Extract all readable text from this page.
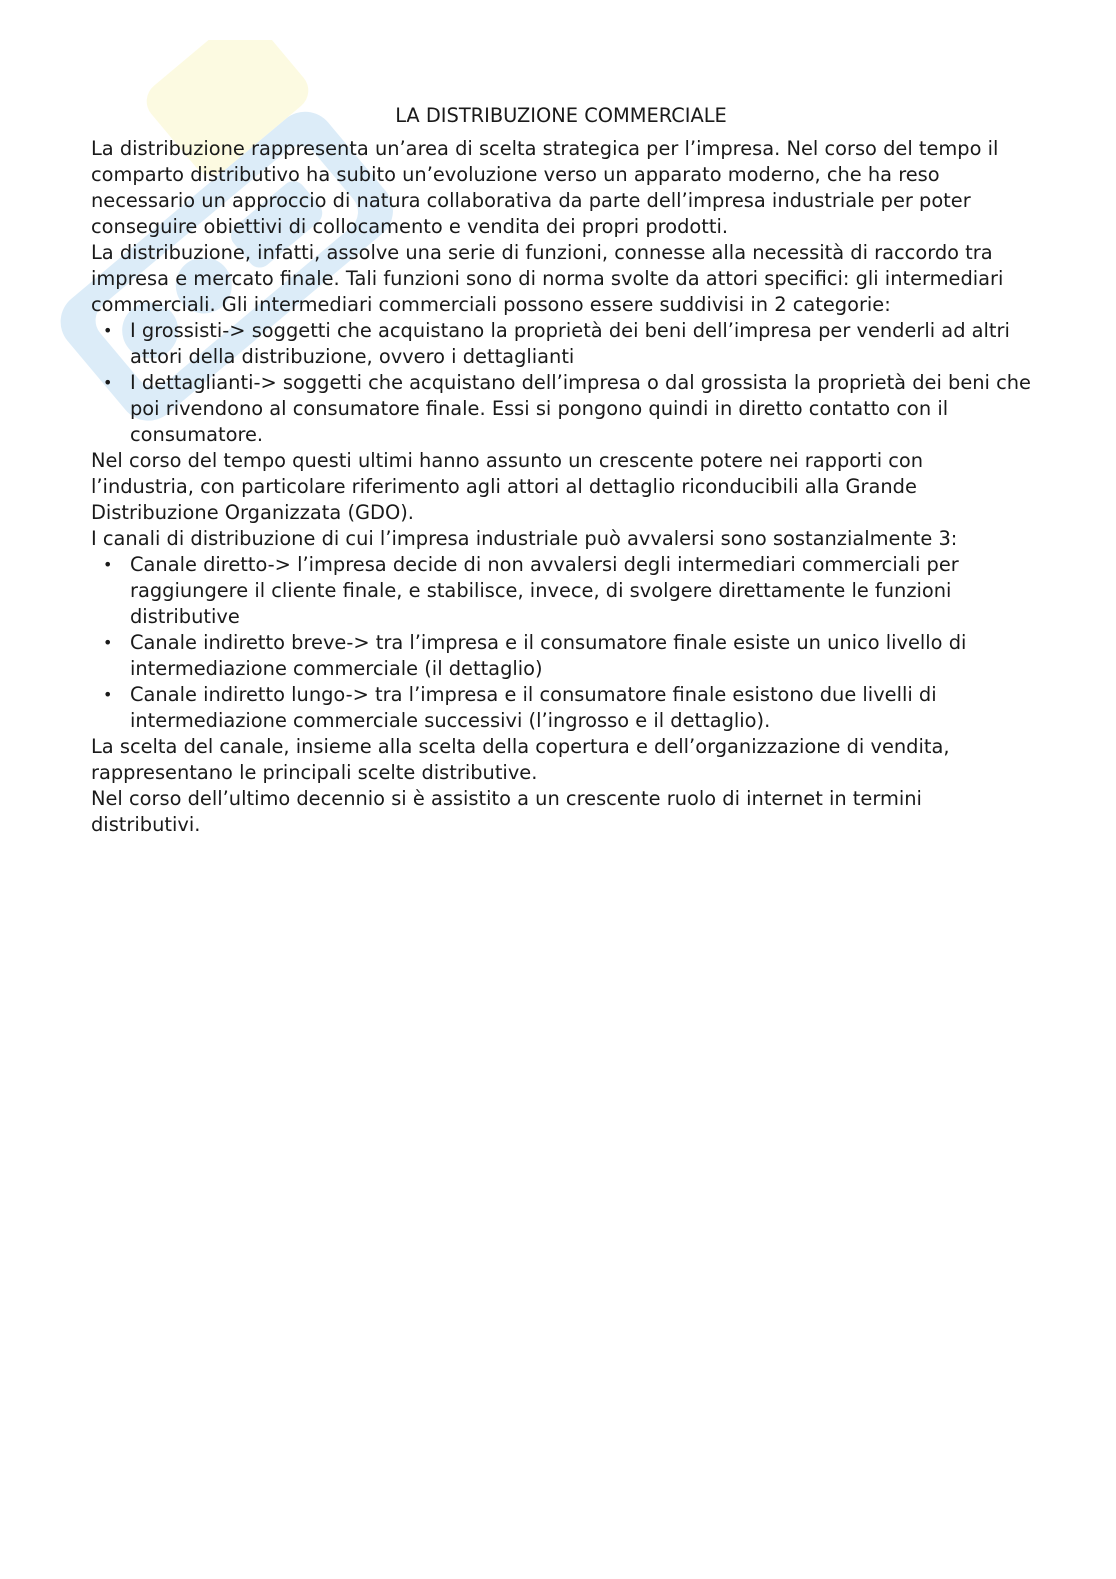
LA DISTRIBUZIONE COMMERCIALE

La distribuzione rappresenta un’area di scelta strategica per l’impresa. Nel corso del tempo il comparto distributivo ha subito un’evoluzione verso un apparato moderno, che ha reso necessario un approccio di natura collaborativa da parte dell’impresa industriale per poter conseguire obiettivi di collocamento e vendita dei propri prodotti.

La distribuzione, infatti, assolve una serie di funzioni, connesse alla necessità di raccordo tra impresa e mercato finale. Tali funzioni sono di norma svolte da attori specifici: gli intermediari commerciali. Gli intermediari commerciali possono essere suddivisi in 2 categorie:

• I grossisti-> soggetti che acquistano la proprietà dei beni dell’impresa per venderli ad altri attori della distribuzione, ovvero i dettaglianti
• I dettaglianti-> soggetti che acquistano dell’impresa o dal grossista la proprietà dei beni che poi rivendono al consumatore finale. Essi si pongono quindi in diretto contatto con il consumatore.

Nel corso del tempo questi ultimi hanno assunto un crescente potere nei rapporti con l’industria, con particolare riferimento agli attori al dettaglio riconducibili alla Grande Distribuzione Organizzata (GDO).

I canali di distribuzione di cui l’impresa industriale può avvalersi sono sostanzialmente 3:

• Canale diretto-> l’impresa decide di non avvalersi degli intermediari commerciali per raggiungere il cliente finale, e stabilisce, invece, di svolgere direttamente le funzioni distributive
• Canale indiretto breve-> tra l’impresa e il consumatore finale esiste un unico livello di intermediazione commerciale (il dettaglio)
• Canale indiretto lungo-> tra l’impresa e il consumatore finale esistono due livelli di intermediazione commerciale successivi (l’ingrosso e il dettaglio).

La scelta del canale, insieme alla scelta della copertura e dell’organizzazione di vendita, rappresentano le principali scelte distributive.

Nel corso dell’ultimo decennio si è assistito a un crescente ruolo di internet in termini distributivi.
